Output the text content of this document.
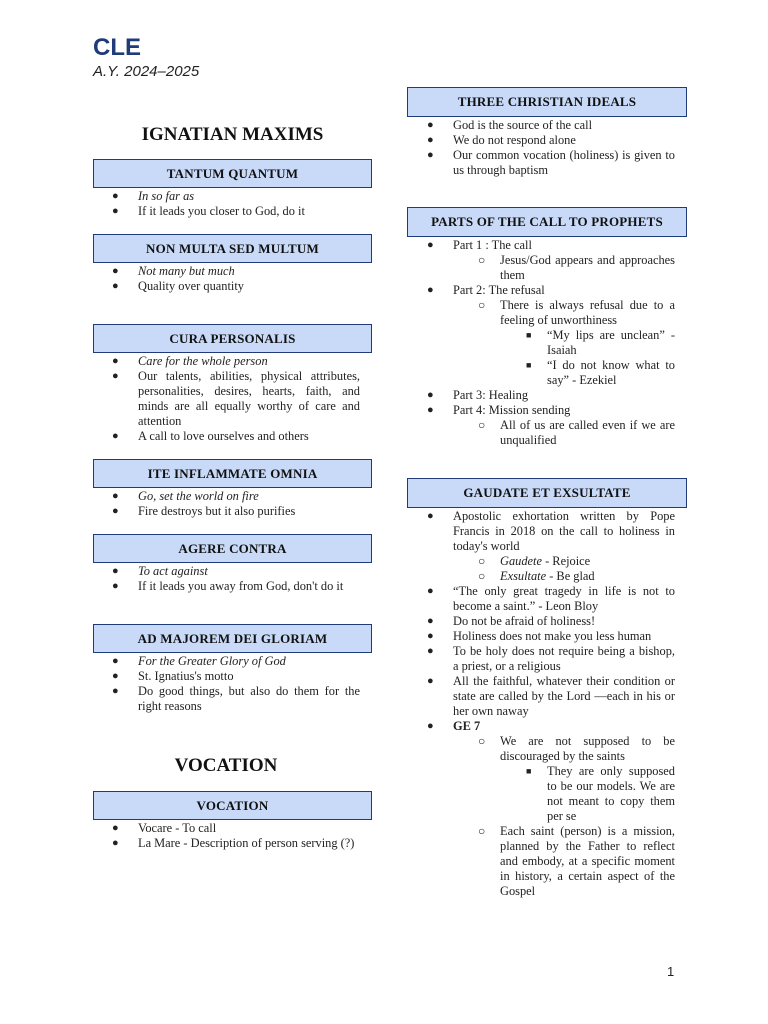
CLE
A.Y. 2024–2025
IGNATIAN MAXIMS
TANTUM QUANTUM
● In so far as
● If it leads you closer to God, do it
NON MULTA SED MULTUM
● Not many but much
● Quality over quantity
CURA PERSONALIS
● Care for the whole person
● Our talents, abilities, physical attributes, personalities, desires, hearts, faith, and minds are all equally worthy of care and attention
● A call to love ourselves and others
ITE INFLAMMATE OMNIA
● Go, set the world on fire
● Fire destroys but it also purifies
AGERE CONTRA
● To act against
● If it leads you away from God, don't do it
AD MAJOREM DEI GLORIAM
● For the Greater Glory of God
● St. Ignatius's motto
● Do good things, but also do them for the right reasons
VOCATION
VOCATION
● Vocare - To call
● La Mare - Description of person serving (?)
THREE CHRISTIAN IDEALS
● God is the source of the call
● We do not respond alone
● Our common vocation (holiness) is given to us through baptism
PARTS OF THE CALL TO PROPHETS
● Part 1 : The call
○ Jesus/God appears and approaches them
● Part 2: The refusal
○ There is always refusal due to a feeling of unworthiness
■ “My lips are unclean” - Isaiah
■ “I do not know what to say” - Ezekiel
● Part 3: Healing
● Part 4: Mission sending
○ All of us are called even if we are unqualified
GAUDATE ET EXSULTATE
● Apostolic exhortation written by Pope Francis in 2018 on the call to holiness in today's world
○ Gaudete - Rejoice
○ Exsultate - Be glad
● “The only great tragedy in life is not to become a saint.” - Leon Bloy
● Do not be afraid of holiness!
● Holiness does not make you less human
● To be holy does not require being a bishop, a priest, or a religious
● All the faithful, whatever their condition or state are called by the Lord —each in his or her own naway
● GE 7
○ We are not supposed to be discouraged by the saints
■ They are only supposed to be our models. We are not meant to copy them per se
○ Each saint (person) is a mission, planned by the Father to reflect and embody, at a specific moment in history, a certain aspect of the Gospel
1
